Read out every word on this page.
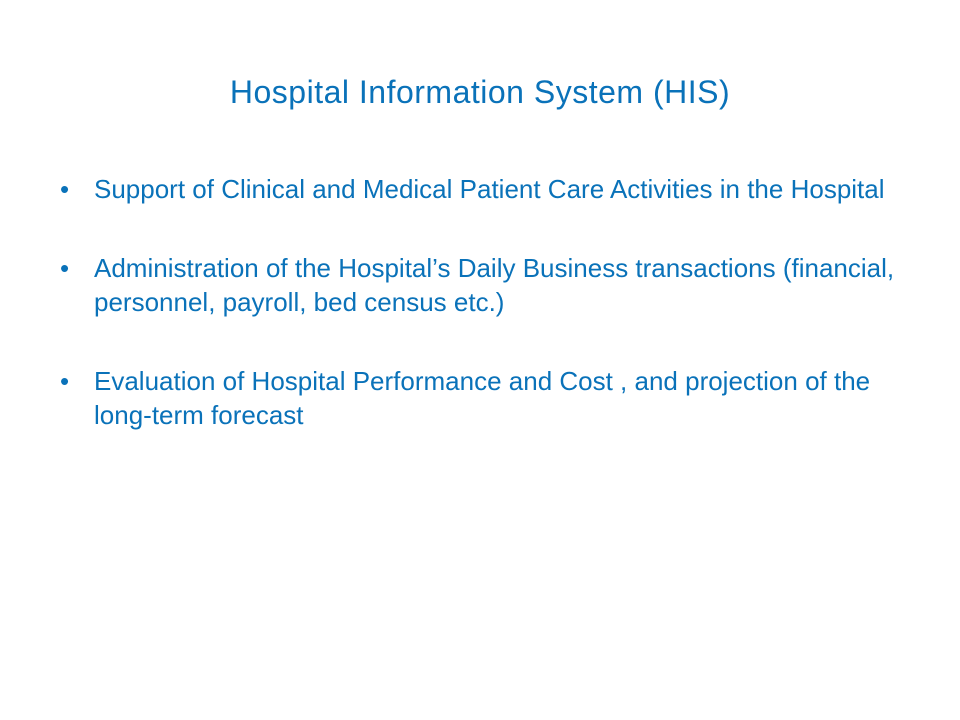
Hospital Information System (HIS)
• Support of Clinical and Medical Patient Care Activities in the Hospital
• Administration of the Hospital’s Daily Business transactions (financial, personnel, payroll, bed census etc.)
• Evaluation of Hospital Performance and Cost , and projection of the long-term forecast
